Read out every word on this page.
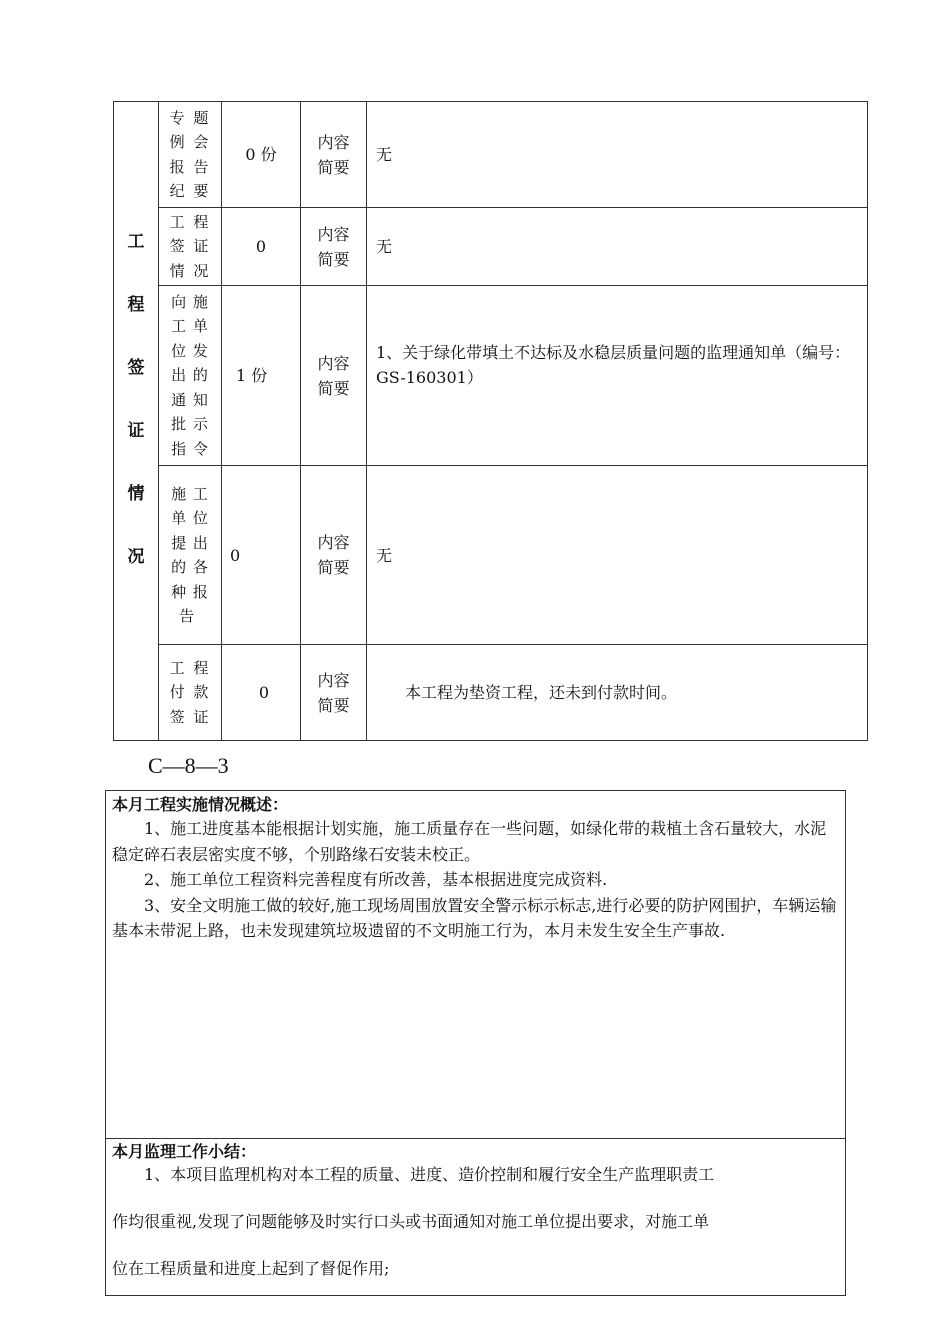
工
程
签
证
情
况
专 题
例 会
报 告
纪 要
0 份
内容
简要
无
工 程
签 证
情 况
0
内容
简要
无
向 施
工 单
位 发
出 的
通 知
批 示
指 令
1 份
内容
简要
1、关于绿化带填土不达标及水稳层质量问题的监理通知单（编号：GS-160301）
施 工
单 位
提 出
的 各
种 报
告
0
内容
简要
无
工 程
付 款
签 证
0
内容
简要
本工程为垫资工程，还未到付款时间。
C—8—3
本月工程实施情况概述：

1、施工进度基本能根据计划实施，施工质量存在一些问题，如绿化带的栽植土含石量较大，水泥稳定碎石表层密实度不够，个别路缘石安装未校正。

2、施工单位工程资料完善程度有所改善，基本根据进度完成资料.

3、安全文明施工做的较好,施工现场周围放置安全警示标示标志,进行必要的防护网围护，车辆运输基本未带泥上路，也未发现建筑垃圾遗留的不文明施工行为，本月未发生安全生产事故.

本月监理工作小结：

1、本项目监理机构对本工程的质量、进度、造价控制和履行安全生产监理职责工

作均很重视,发现了问题能够及时实行口头或书面通知对施工单位提出要求，对施工单

位在工程质量和进度上起到了督促作用;
